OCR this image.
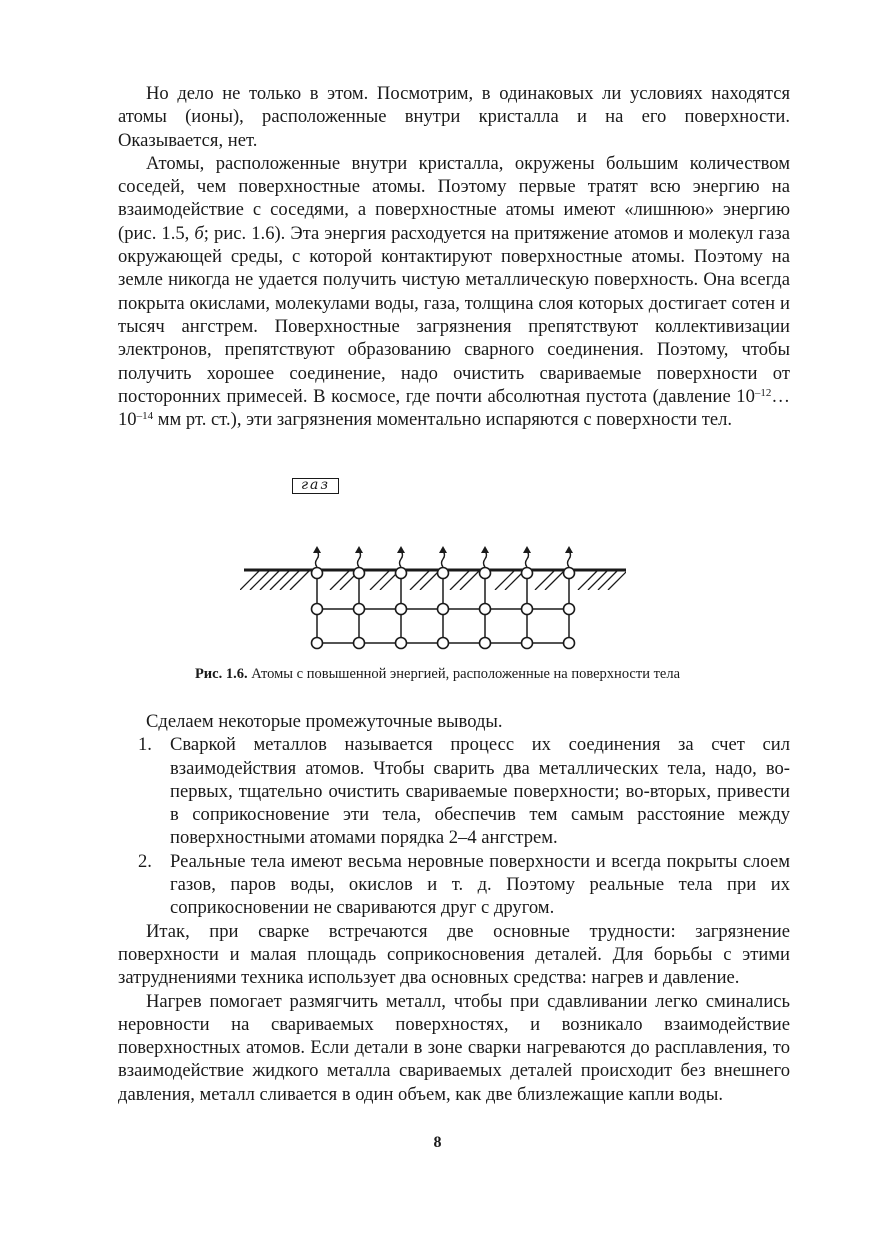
Но дело не только в этом. Посмотрим, в одинаковых ли условиях находятся атомы (ионы), расположенные внутри кристалла и на его поверхности. Оказывается, нет.

Атомы, расположенные внутри кристалла, окружены большим количеством соседей, чем поверхностные атомы. Поэтому первые тратят всю энергию на взаимодействие с соседями, а поверхностные атомы имеют «лишнюю» энергию (рис. 1.5, б; рис. 1.6). Эта энергия расходуется на притяжение атомов и молекул газа окружающей среды, с которой контактируют поверхностные атомы. Поэтому на земле никогда не удается получить чистую металлическую поверхность. Она всегда покрыта окислами, молекулами воды, газа, толщина слоя которых достигает сотен и тысяч ангстрем. Поверхностные загрязнения препятствуют коллективизации электронов, препятствуют образованию сварного соединения. Поэтому, чтобы получить хорошее соединение, надо очистить свариваемые поверхности от посторонних примесей. В космосе, где почти абсолютная пустота (давление $10^{-12}\dots 10^{-14}$ мм рт. ст.), эти загрязнения моментально испаряются с поверхности тел.

газ
Рис. 1.6. Атомы с повышенной энергией, расположенные на поверхности тела

Сделаем некоторые промежуточные выводы.

1. Сваркой металлов называется процесс их соединения за счет сил взаимодействия атомов. Чтобы сварить два металлических тела, надо, во-первых, тщательно очистить свариваемые поверхности; во-вторых, привести в соприкосновение эти тела, обеспечив тем самым расстояние между поверхностными атомами порядка 2–4 ангстрем.

2. Реальные тела имеют весьма неровные поверхности и всегда покрыты слоем газов, паров воды, окислов и т. д. Поэтому реальные тела при их соприкосновении не свариваются друг с другом.

Итак, при сварке встречаются две основные трудности: загрязнение поверхности и малая площадь соприкосновения деталей. Для борьбы с этими затруднениями техника использует два основных средства: нагрев и давление.

Нагрев помогает размягчить металл, чтобы при сдавливании легко сминались неровности на свариваемых поверхностях, и возникало взаимодействие поверхностных атомов. Если детали в зоне сварки нагреваются до расплавления, то взаимодействие жидкого металла свариваемых деталей происходит без внешнего давления, металл сливается в один объем, как две близлежащие капли воды.

8
